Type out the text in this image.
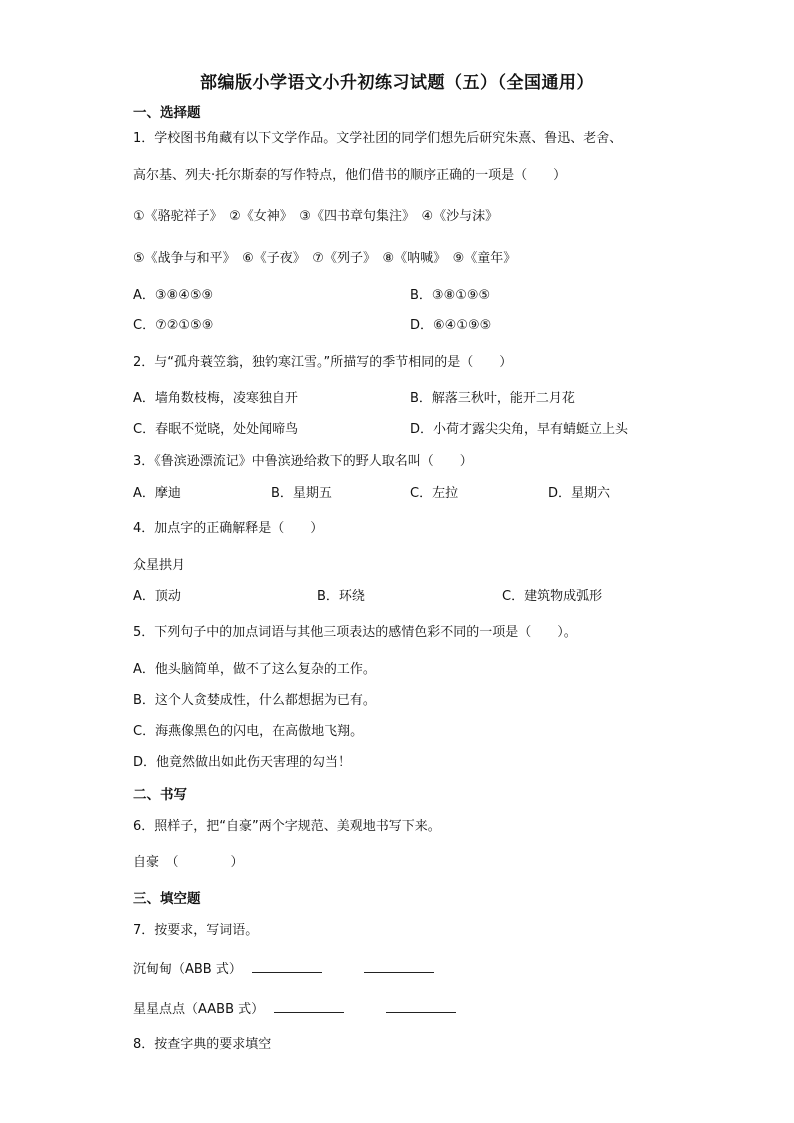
部编版小学语文小升初练习试题（五）（全国通用）
一、选择题
1．学校图书角藏有以下文学作品。文学社团的同学们想先后研究朱熹、鲁迅、老舍、
高尔基、列夫·托尔斯泰的写作特点，他们借书的顺序正确的一项是（　　）
①《骆驼祥子》　②《女神》　③《四书章句集注》　④《沙与沫》
⑤《战争与和平》　⑥《子夜》　⑦《列子》　⑧《呐喊》　⑨《童年》
A．③⑧④⑤⑨	B．③⑧①⑨⑤
C．⑦②①⑤⑨	D．⑥④①⑨⑤
2．与“孤舟蓑笠翁，独钓寒江雪。”所描写的季节相同的是（　　）
A．墙角数枝梅，凌寒独自开	B．解落三秋叶，能开二月花
C．春眠不觉晓，处处闻啼鸟	D．小荷才露尖尖角，早有蜻蜓立上头
3．《鲁滨逊漂流记》中鲁滨逊给救下的野人取名叫（　　）
A．摩迪	B．星期五	C．左拉	D．星期六
4．加点字的正确解释是（　　）
众星拱月
A．顶动	B．环绕	C．建筑物成弧形
5．下列句子中的加点词语与其他三项表达的感情色彩不同的一项是（　　）。
A．他头脑简单，做不了这么复杂的工作。
B．这个人贪婪成性，什么都想据为已有。
C．海燕像黑色的闪电，在高傲地飞翔。
D．他竟然做出如此伤天害理的勾当！
二、书写
6．照样子，把“自豪”两个字规范、美观地书写下来。
自豪　（　　　　）
三、填空题
7．按要求，写词语。
沉甸甸（ABB 式）
星星点点（AABB 式）
8．按查字典的要求填空
